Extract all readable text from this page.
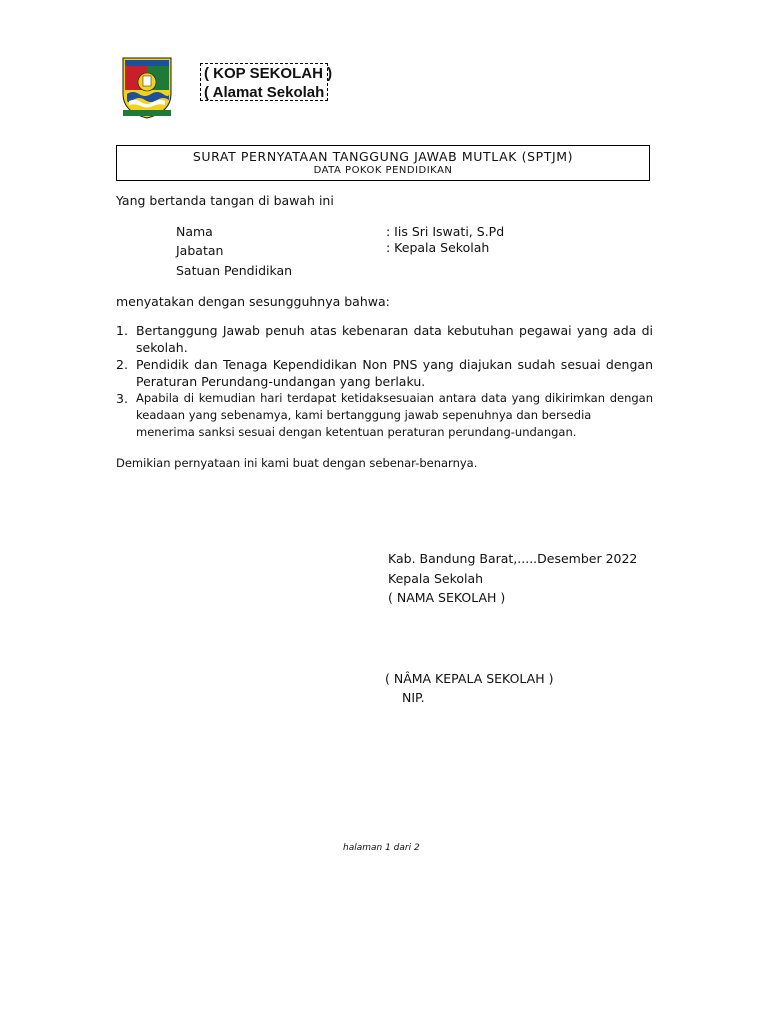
( KOP SEKOLAH )
( Alamat Sekolah
SURAT PERNYATAAN TANGGUNG JAWAB MUTLAK (SPTJM)
DATA POKOK PENDIDIKAN
Yang bertanda tangan di bawah ini
Nama	: Iis Sri Iswati, S.Pd
Jabatan	: Kepala Sekolah
Satuan Pendidikan
menyatakan dengan sesungguhnya bahwa:
1. Bertanggung Jawab penuh atas kebenaran data kebutuhan pegawai yang ada di sekolah.
2. Pendidik dan Tenaga Kependidikan Non PNS yang diajukan sudah sesuai dengan Peraturan Perundang-undangan yang berlaku.
3. Apabila di kemudian hari terdapat ketidaksesuaian antara data yang dikirimkan dengan keadaan yang sebenamya, kami bertanggung jawab sepenuhnya dan bersedia
menerima sanksi sesuai dengan ketentuan peraturan perundang-undangan.
Demikian pernyataan ini kami buat dengan sebenar-benarnya.
Kab. Bandung Barat,.....Desember 2022
Kepala Sekolah
( NAMA SEKOLAH )
( NÂMA KEPALA SEKOLAH )
NIP.
halaman 1 dari 2
